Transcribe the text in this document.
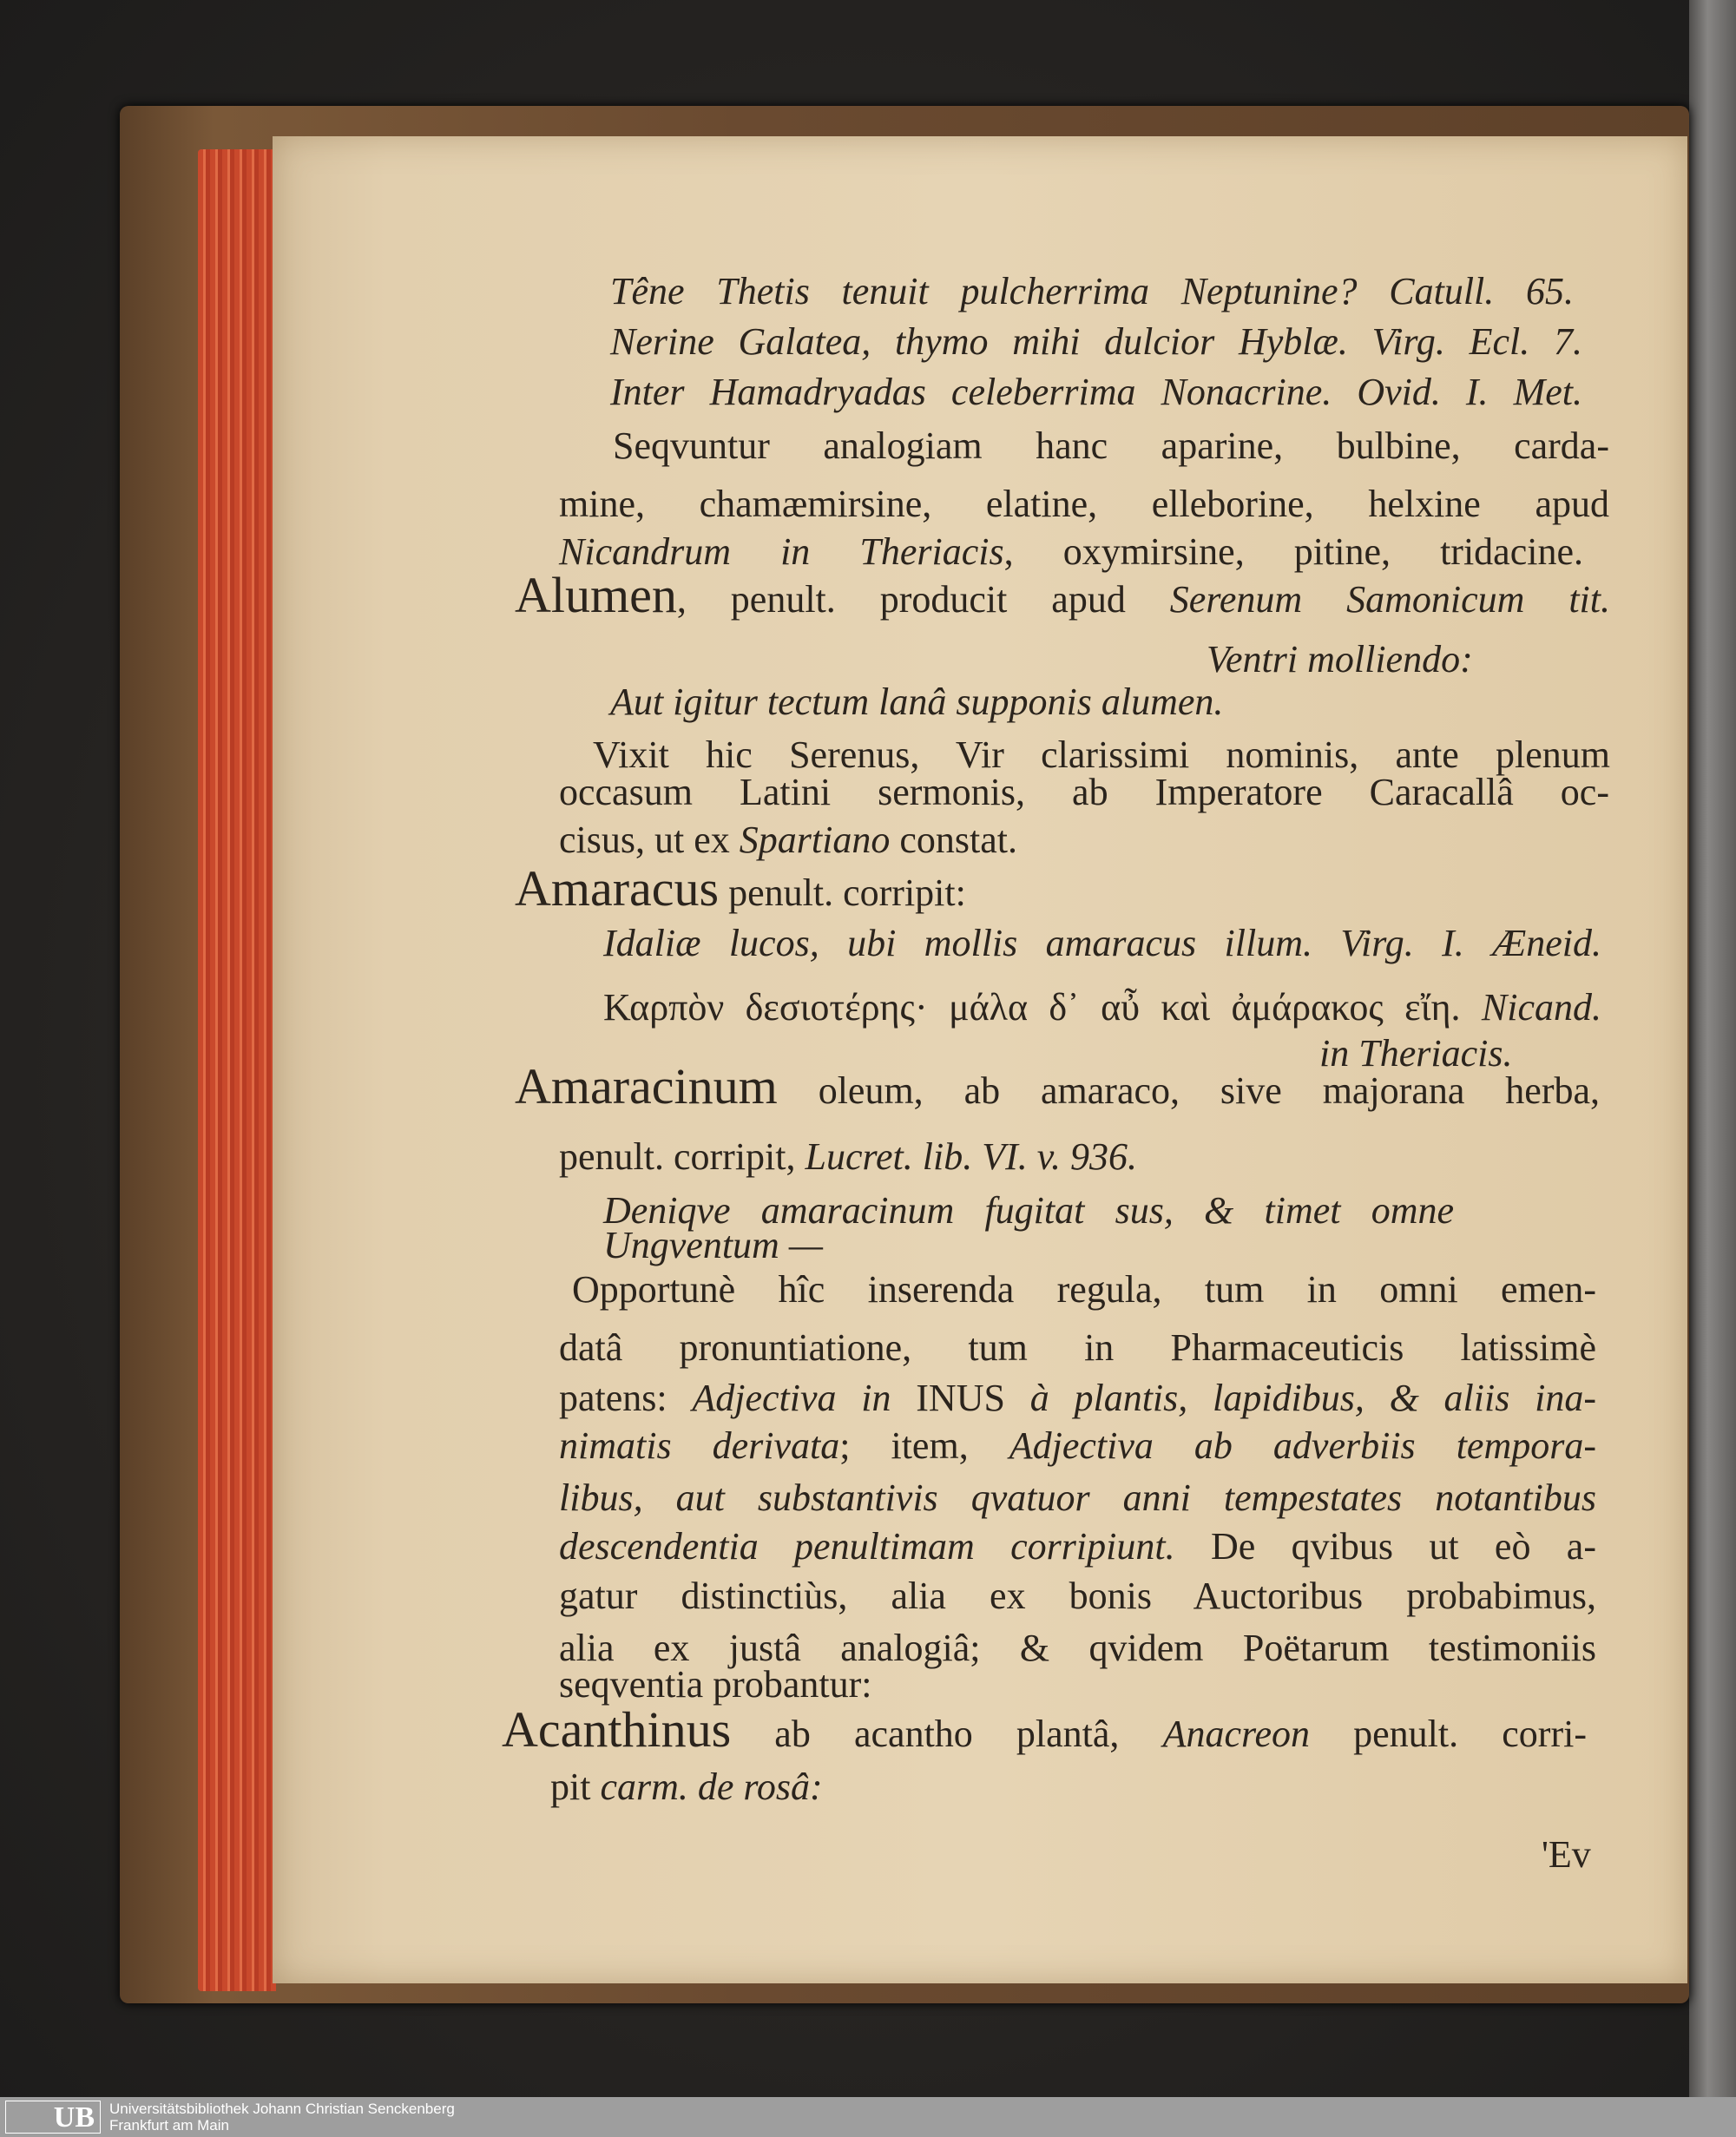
Têne Thetis tenuit pulcherrima Neptunine? Catull. 65.
Nerine Galatea, thymo mihi dulcior Hyblæ. Virg. Ecl. 7.
Inter Hamadryadas celeberrima Nonacrine. Ovid. I. Met.
Seqvuntur analogiam hanc aparine, bulbine, carda-
mine, chamæmirsine, elatine, elleborine, helxine apud
Nicandrum in Theriacis, oxymirsine, pitine, tridacine.
Alumen, penult. producit apud Serenum Samonicum tit.
Ventri molliendo:
Aut igitur tectum lanâ supponis alumen.
Vixit hic Serenus, Vir clarissimi nominis, ante plenum
occasum Latini sermonis, ab Imperatore Caracallâ oc-
cisus, ut ex Spartiano constat.
Amaracus penult. corripit:
Idaliæ lucos, ubi mollis amaracus illum. Virg. I. Æneid.
Καρπὸν δεσιοτέρης· μάλα δ᾽ αὖ καὶ ἀμάρακος εἴη. Nicand.
in Theriacis.
Amaracinum oleum, ab amaraco, sive majorana herba,
penult. corripit, Lucret. lib. VI. v. 936.
Deniqve amaracinum fugitat sus, & timet omne
Ungventum —
Opportunè hîc inserenda regula, tum in omni emen-
datâ pronuntiatione, tum in Pharmaceuticis latissimè
patens: Adjectiva in INUS à plantis, lapidibus, & aliis ina-
nimatis derivata; item, Adjectiva ab adverbiis tempora-
libus, aut substantivis qvatuor anni tempestates notantibus
descendentia penultimam corripiunt. De qvibus ut eò a-
gatur distinctiùs, alia ex bonis Auctoribus probabimus,
alia ex justâ analogiâ; & qvidem Poëtarum testimoniis
seqventia probantur:
Acanthinus ab acantho plantâ, Anacreon penult. corri-
pit carm. de rosâ:
'Ev
UB	Universitätsbibliothek Johann Christian Senckenberg
Frankfurt am Main
